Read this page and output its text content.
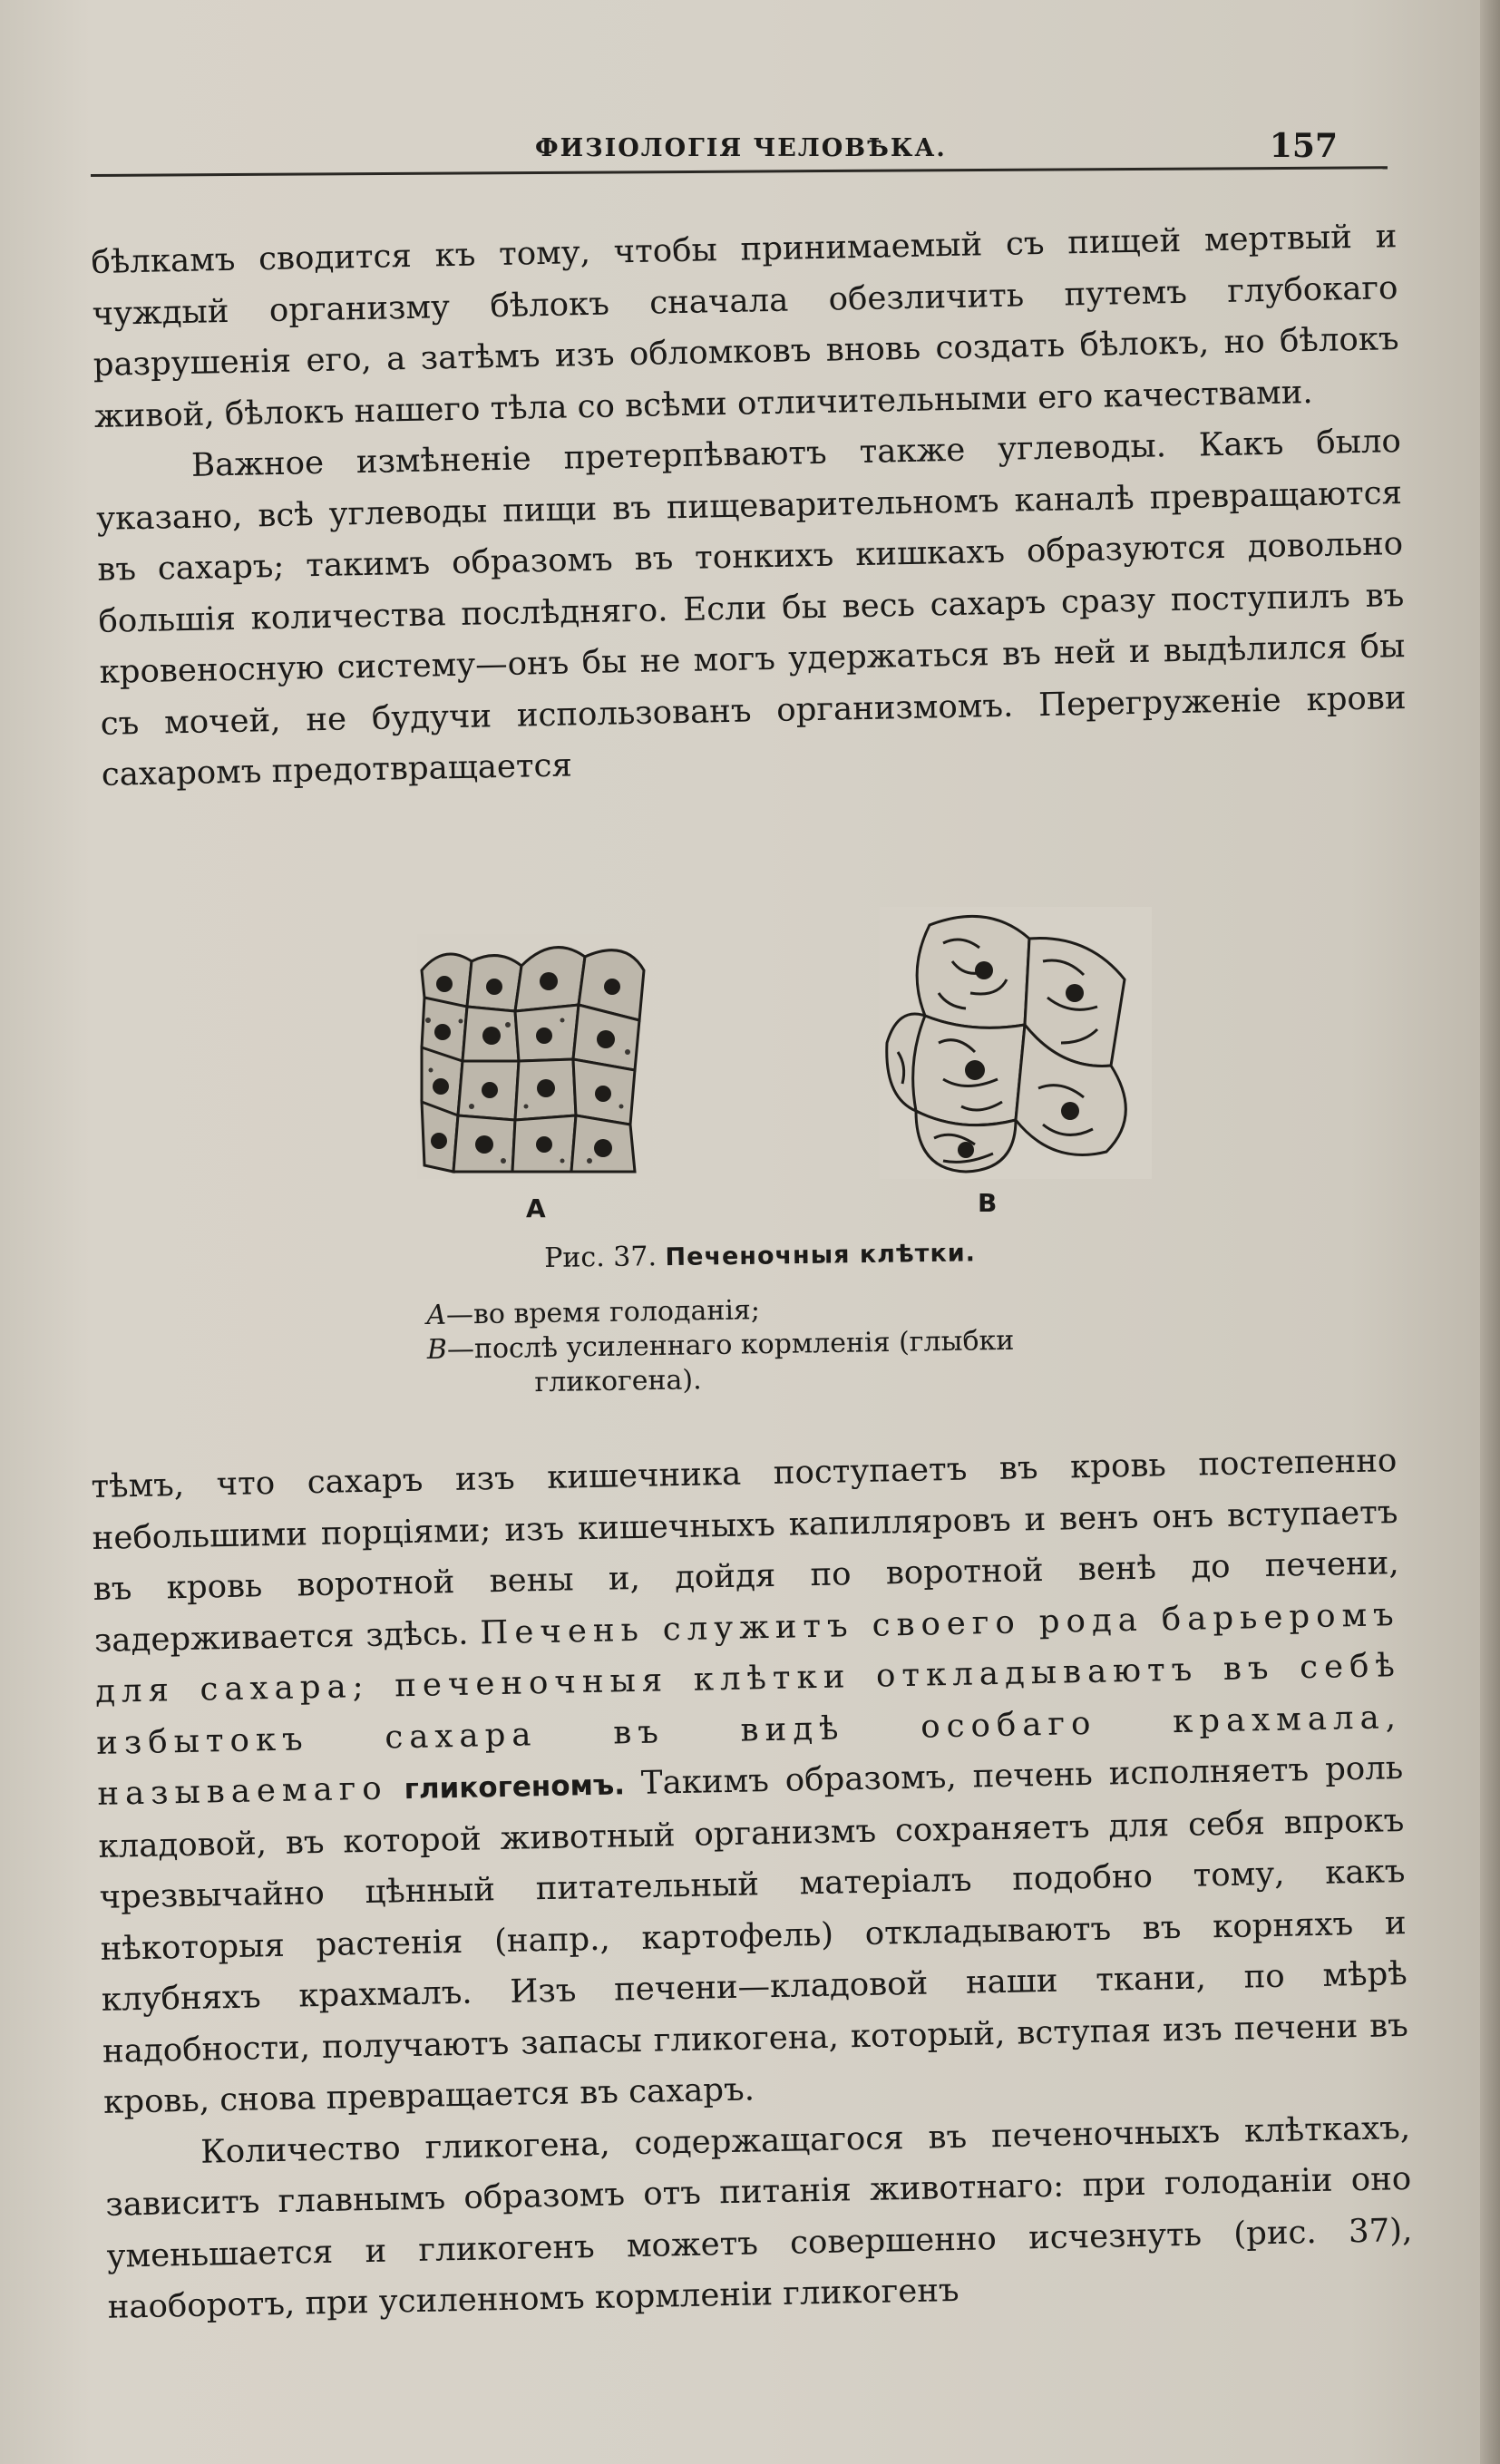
ФИЗІОЛОГІЯ ЧЕЛОВѢКА.	157

бѣлкамъ сводится къ тому, чтобы принимаемый съ пищей мертвый и чуждый организму бѣлокъ сначала обезличить путемъ глубокаго разрушенія его, а затѣмъ изъ обломковъ вновь создать бѣлокъ, но бѣлокъ живой, бѣлокъ нашего тѣла со всѣми отличительными его качествами.

Важное измѣненіе претерпѣваютъ также углеводы. Какъ было указано, всѣ углеводы пищи въ пищеварительномъ каналѣ превращаются въ сахаръ; такимъ образомъ въ тонкихъ кишкахъ образуются довольно большія количества послѣдняго. Если бы весь сахаръ сразу поступилъ въ кровеносную систему—онъ бы не могъ удержаться въ ней и выдѣлился бы съ мочей, не будучи использованъ организмомъ. Перегруженіе крови сахаромъ предотвращается

A	B
Рис. 37. Печеночныя клѣтки.
A—во время голоданія;
B—послѣ усиленнаго кормленія (глыбки
гликогена).

тѣмъ, что сахаръ изъ кишечника поступаетъ въ кровь постепенно небольшими порціями; изъ кишечныхъ капилляровъ и венъ онъ вступаетъ въ кровь воротной вены и, дойдя по воротной венѣ до печени, задерживается здѣсь. Печень служитъ своего рода барьеромъ для сахара; печеночныя клѣтки откладываютъ въ себѣ избытокъ сахара въ видѣ особаго крахмала, называемаго гликогеномъ. Такимъ образомъ, печень исполняетъ роль кладовой, въ которой животный организмъ сохраняетъ для себя впрокъ чрезвычайно цѣнный питательный матеріалъ подобно тому, какъ нѣкоторыя растенія (напр., картофель) откладываютъ въ корняхъ и клубняхъ крахмалъ. Изъ печени—кладовой наши ткани, по мѣрѣ надобности, получаютъ запасы гликогена, который, вступая изъ печени въ кровь, снова превращается въ сахаръ.

Количество гликогена, содержащагося въ печеночныхъ клѣткахъ, зависитъ главнымъ образомъ отъ питанія животнаго: при голоданіи оно уменьшается и гликогенъ можетъ совершенно исчезнуть (рис. 37), наоборотъ, при усиленномъ кормленіи гликогенъ
